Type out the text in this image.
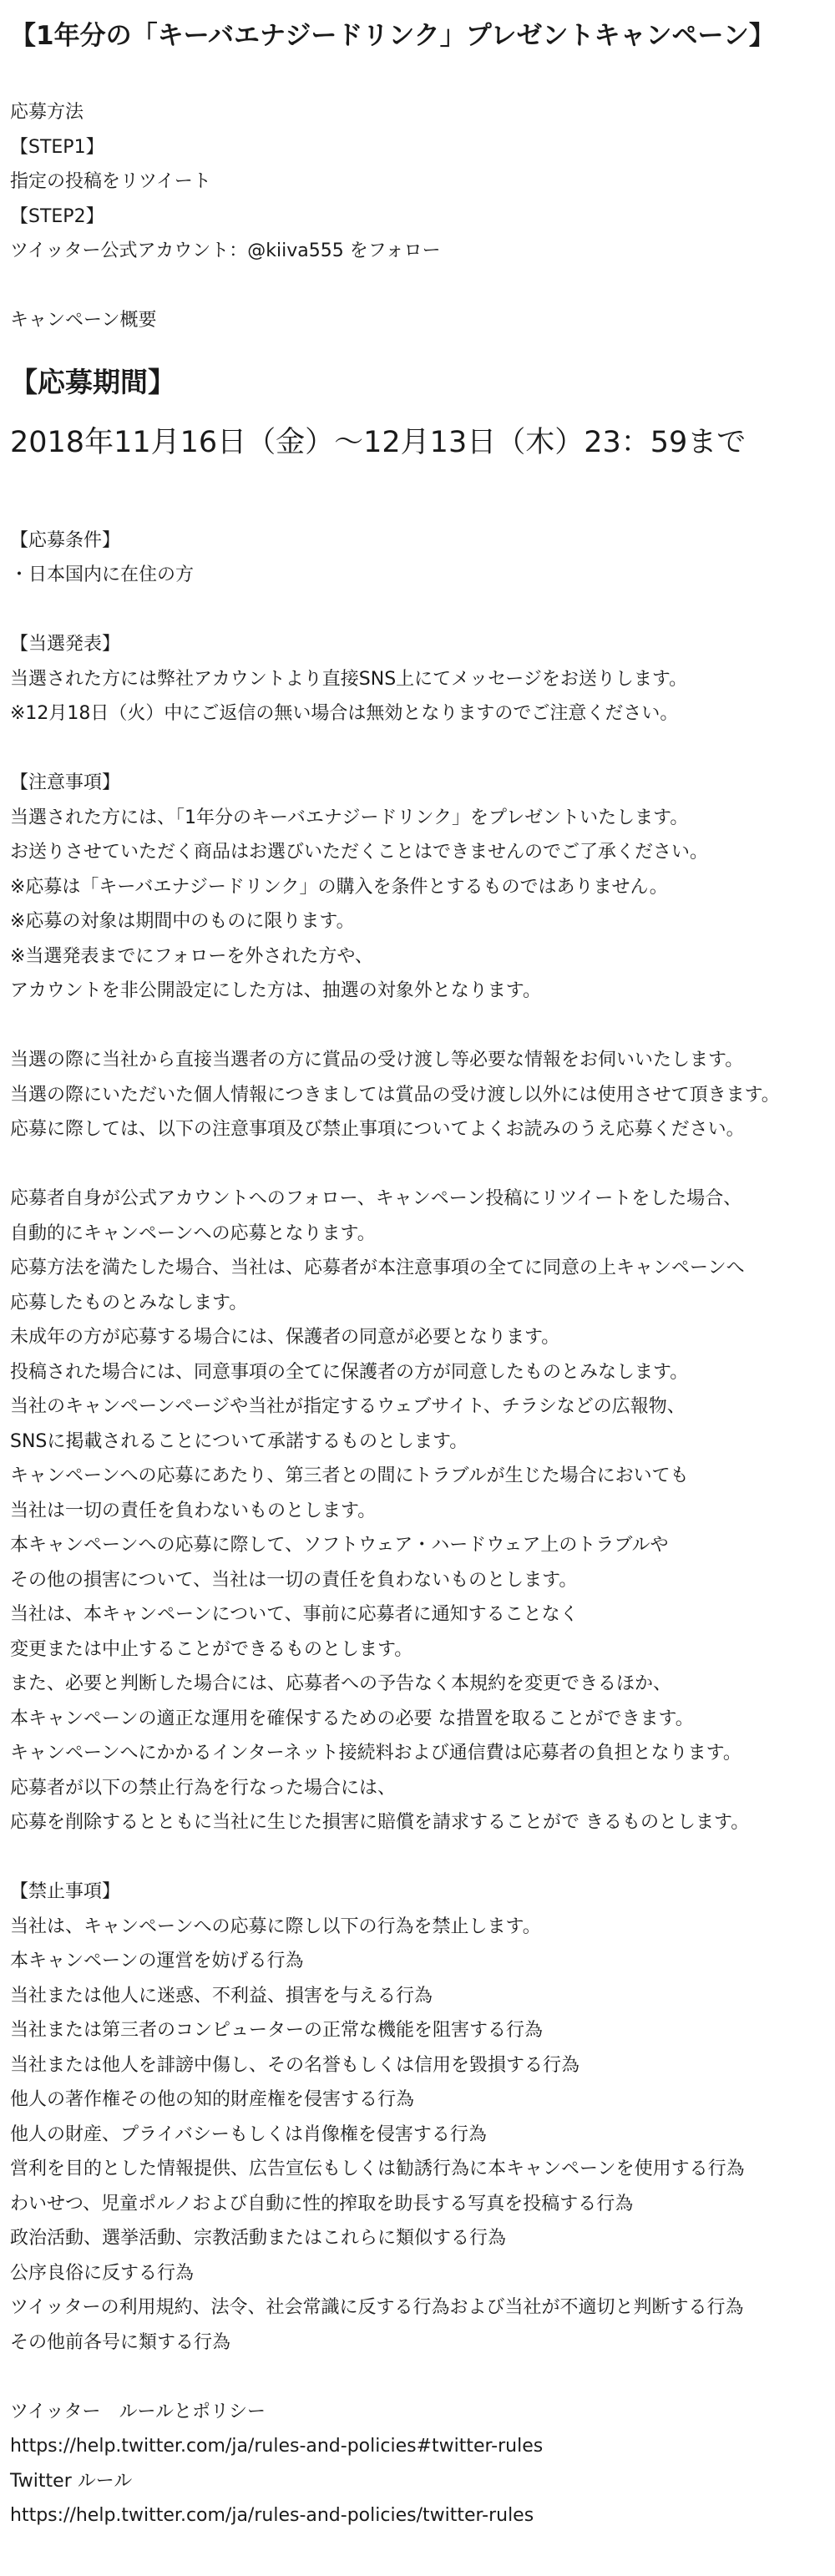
【1年分の「キーバエナジードリンク」プレゼントキャンペーン】
応募方法
【STEP1】
指定の投稿をリツイート
【STEP2】
ツイッター公式アカウント：@kiiva555 をフォロー
キャンペーン概要
【応募期間】
2018年11月16日（金）～12月13日（木）23：59まで
【応募条件】
・日本国内に在住の方
【当選発表】
当選された方には弊社アカウントより直接SNS上にてメッセージをお送りします。
※12月18日（火）中にご返信の無い場合は無効となりますのでご注意ください。
【注意事項】
当選された方には、「1年分のキーバエナジードリンク」をプレゼントいたします。
お送りさせていただく商品はお選びいただくことはできませんのでご了承ください。
※応募は「キーバエナジードリンク」の購入を条件とするものではありません。
※応募の対象は期間中のものに限ります。
※当選発表までにフォローを外された方や、
アカウントを非公開設定にした方は、抽選の対象外となります。
当選の際に当社から直接当選者の方に賞品の受け渡し等必要な情報をお伺いいたします。
当選の際にいただいた個人情報につきましては賞品の受け渡し以外には使用させて頂きます。
応募に際しては、以下の注意事項及び禁止事項についてよくお読みのうえ応募ください。
応募者自身が公式アカウントへのフォロー、キャンペーン投稿にリツイートをした場合、
自動的にキャンペーンへの応募となります。
応募方法を満たした場合、当社は、応募者が本注意事項の全てに同意の上キャンペーンへ
応募したものとみなします。
未成年の方が応募する場合には、保護者の同意が必要となります。
投稿された場合には、同意事項の全てに保護者の方が同意したものとみなします。
当社のキャンペーンページや当社が指定するウェブサイト、チラシなどの広報物、
SNSに掲載されることについて承諾するものとします。
キャンペーンへの応募にあたり、第三者との間にトラブルが生じた場合においても
当社は一切の責任を負わないものとします。
本キャンペーンへの応募に際して、ソフトウェア・ハードウェア上のトラブルや
その他の損害について、当社は一切の責任を負わないものとします。
当社は、本キャンペーンについて、事前に応募者に通知することなく
変更または中止することができるものとします。
また、必要と判断した場合には、応募者への予告なく本規約を変更できるほか、
本キャンペーンの適正な運用を確保するための必要 な措置を取ることができます。
キャンペーンへにかかるインターネット接続料および通信費は応募者の負担となります。
応募者が以下の禁止行為を行なった場合には、
応募を削除するとともに当社に生じた損害に賠償を請求することがで きるものとします。
【禁止事項】
当社は、キャンペーンへの応募に際し以下の行為を禁止します。
本キャンペーンの運営を妨げる行為
当社または他人に迷惑、不利益、損害を与える行為
当社または第三者のコンピューターの正常な機能を阻害する行為
当社または他人を誹謗中傷し、その名誉もしくは信用を毀損する行為
他人の著作権その他の知的財産権を侵害する行為
他人の財産、プライバシーもしくは肖像権を侵害する行為
営利を目的とした情報提供、広告宣伝もしくは勧誘行為に本キャンペーンを使用する行為
わいせつ、児童ポルノおよび自動に性的搾取を助長する写真を投稿する行為
政治活動、選挙活動、宗教活動またはこれらに類似する行為
公序良俗に反する行為
ツイッターの利用規約、法令、社会常識に反する行為および当社が不適切と判断する行為
その他前各号に類する行為
ツイッター　ルールとポリシー
https://help.twitter.com/ja/rules-and-policies#twitter-rules
Twitter ルール
https://help.twitter.com/ja/rules-and-policies/twitter-rules
